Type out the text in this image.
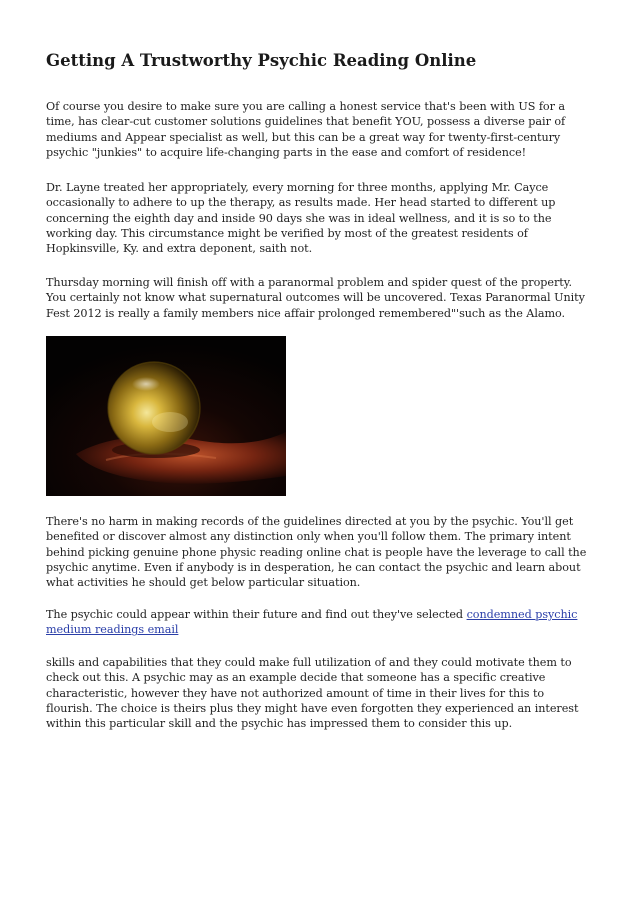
Getting A Trustworthy Psychic Reading Online

Of course you desire to make sure you are calling a honest service that's been with US for a time, has clear-cut customer solutions guidelines that benefit YOU, possess a diverse pair of mediums and Appear specialist as well, but this can be a great way for twenty-first-century psychic "junkies" to acquire life-changing parts in the ease and comfort of residence!

Dr. Layne treated her appropriately, every morning for three months, applying Mr. Cayce occasionally to adhere to up the therapy, as results made. Her head started to different up concerning the eighth day and inside 90 days she was in ideal wellness, and it is so to the working day. This circumstance might be verified by most of the greatest residents of Hopkinsville, Ky. and extra deponent, saith not.

Thursday morning will finish off with a paranormal problem and spider quest of the property. You certainly not know what supernatural outcomes will be uncovered. Texas Paranormal Unity Fest 2012 is really a family members nice affair prolonged remembered"'such as the Alamo.

There's no harm in making records of the guidelines directed at you by the psychic. You'll get benefited or discover almost any distinction only when you'll follow them. The primary intent behind picking genuine phone physic reading online chat is people have the leverage to call the psychic anytime. Even if anybody is in desperation, he can contact the psychic and learn about what activities he should get below particular situation.

The psychic could appear within their future and find out they've selected condemned psychic medium readings email

skills and capabilities that they could make full utilization of and they could motivate them to check out this. A psychic may as an example decide that someone has a specific creative characteristic, however they have not authorized amount of time in their lives for this to flourish. The choice is theirs plus they might have even forgotten they experienced an interest within this particular skill and the psychic has impressed them to consider this up.
